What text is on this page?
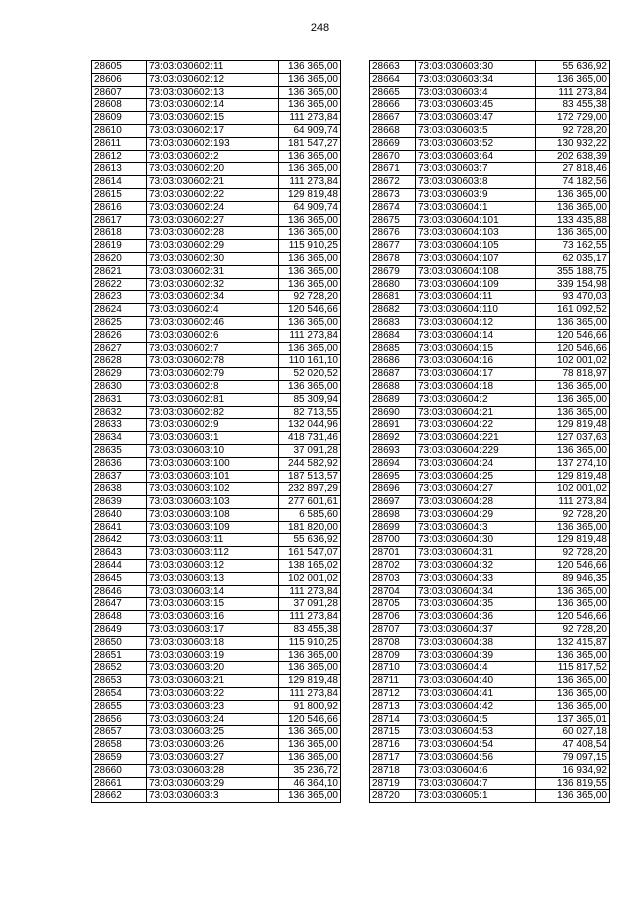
248
28605	73:03:030602:11	136 365,00
28606	73:03:030602:12	136 365,00
28607	73:03:030602:13	136 365,00
28608	73:03:030602:14	136 365,00
28609	73:03:030602:15	111 273,84
28610	73:03:030602:17	64 909,74
28611	73:03:030602:193	181 547,27
28612	73:03:030602:2	136 365,00
28613	73:03:030602:20	136 365,00
28614	73:03:030602:21	111 273,84
28615	73:03:030602:22	129 819,48
28616	73:03:030602:24	64 909,74
28617	73:03:030602:27	136 365,00
28618	73:03:030602:28	136 365,00
28619	73:03:030602:29	115 910,25
28620	73:03:030602:30	136 365,00
28621	73:03:030602:31	136 365,00
28622	73:03:030602:32	136 365,00
28623	73:03:030602:34	92 728,20
28624	73:03:030602:4	120 546,66
28625	73:03:030602:46	136 365,00
28626	73:03:030602:6	111 273,84
28627	73:03:030602:7	136 365,00
28628	73:03:030602:78	110 161,10
28629	73:03:030602:79	52 020,52
28630	73:03:030602:8	136 365,00
28631	73:03:030602:81	85 309,94
28632	73:03:030602:82	82 713,55
28633	73:03:030602:9	132 044,96
28634	73:03:030603:1	418 731,46
28635	73:03:030603:10	37 091,28
28636	73:03:030603:100	244 582,92
28637	73:03:030603:101	187 513,57
28638	73:03:030603:102	232 897,29
28639	73:03:030603:103	277 601,61
28640	73:03:030603:108	6 585,60
28641	73:03:030603:109	181 820,00
28642	73:03:030603:11	55 636,92
28643	73:03:030603:112	161 547,07
28644	73:03:030603:12	138 165,02
28645	73:03:030603:13	102 001,02
28646	73:03:030603:14	111 273,84
28647	73:03:030603:15	37 091,28
28648	73:03:030603:16	111 273,84
28649	73:03:030603:17	83 455,38
28650	73:03:030603:18	115 910,25
28651	73:03:030603:19	136 365,00
28652	73:03:030603:20	136 365,00
28653	73:03:030603:21	129 819,48
28654	73:03:030603:22	111 273,84
28655	73:03:030603:23	91 800,92
28656	73:03:030603:24	120 546,66
28657	73:03:030603:25	136 365,00
28658	73:03:030603:26	136 365,00
28659	73:03:030603:27	136 365,00
28660	73:03:030603:28	35 236,72
28661	73:03:030603:29	46 364,10
28662	73:03:030603:3	136 365,00
28663	73:03:030603:30	55 636,92
28664	73:03:030603:34	136 365,00
28665	73:03:030603:4	111 273,84
28666	73:03:030603:45	83 455,38
28667	73:03:030603:47	172 729,00
28668	73:03:030603:5	92 728,20
28669	73:03:030603:52	130 932,22
28670	73:03:030603:64	202 638,39
28671	73:03:030603:7	27 818,46
28672	73:03:030603:8	74 182,56
28673	73:03:030603:9	136 365,00
28674	73:03:030604:1	136 365,00
28675	73:03:030604:101	133 435,88
28676	73:03:030604:103	136 365,00
28677	73:03:030604:105	73 162,55
28678	73:03:030604:107	62 035,17
28679	73:03:030604:108	355 188,75
28680	73:03:030604:109	339 154,98
28681	73:03:030604:11	93 470,03
28682	73:03:030604:110	161 092,52
28683	73:03:030604:12	136 365,00
28684	73:03:030604:14	120 546,66
28685	73:03:030604:15	120 546,66
28686	73:03:030604:16	102 001,02
28687	73:03:030604:17	78 818,97
28688	73:03:030604:18	136 365,00
28689	73:03:030604:2	136 365,00
28690	73:03:030604:21	136 365,00
28691	73:03:030604:22	129 819,48
28692	73:03:030604:221	127 037,63
28693	73:03:030604:229	136 365,00
28694	73:03:030604:24	137 274,10
28695	73:03:030604:25	129 819,48
28696	73:03:030604:27	102 001,02
28697	73:03:030604:28	111 273,84
28698	73:03:030604:29	92 728,20
28699	73:03:030604:3	136 365,00
28700	73:03:030604:30	129 819,48
28701	73:03:030604:31	92 728,20
28702	73:03:030604:32	120 546,66
28703	73:03:030604:33	89 946,35
28704	73:03:030604:34	136 365,00
28705	73:03:030604:35	136 365,00
28706	73:03:030604:36	120 546,66
28707	73:03:030604:37	92 728,20
28708	73:03:030604:38	132 415,87
28709	73:03:030604:39	136 365,00
28710	73:03:030604:4	115 817,52
28711	73:03:030604:40	136 365,00
28712	73:03:030604:41	136 365,00
28713	73:03:030604:42	136 365,00
28714	73:03:030604:5	137 365,01
28715	73:03:030604:53	60 027,18
28716	73:03:030604:54	47 408,54
28717	73:03:030604:56	79 097,15
28718	73:03:030604:6	16 934,92
28719	73:03:030604:7	136 819,55
28720	73:03:030605:1	136 365,00
